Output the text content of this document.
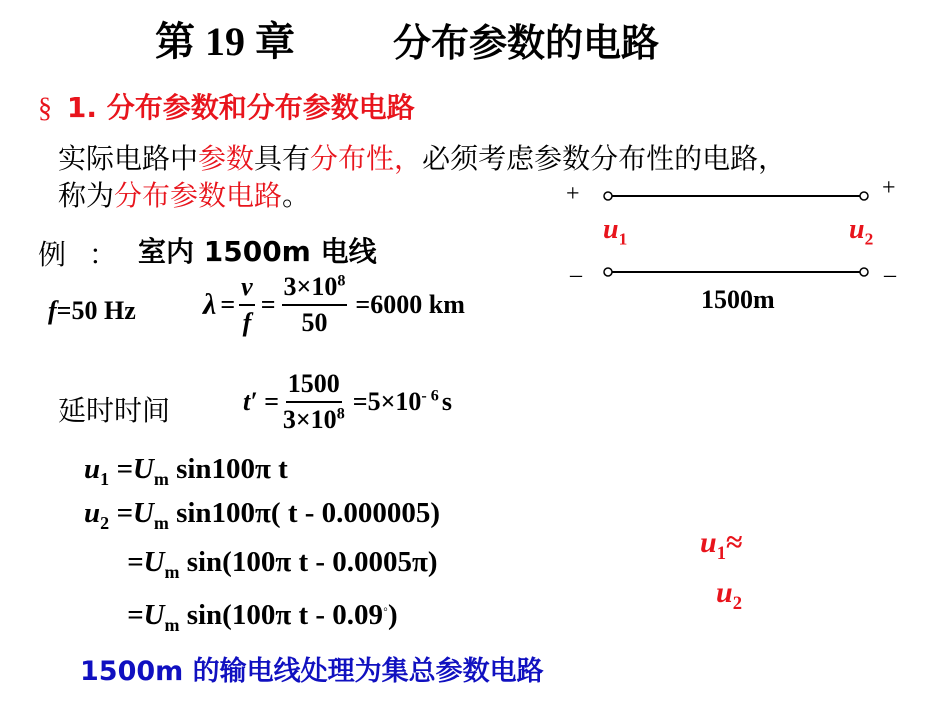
第 19 章	分布参数的电路
§ 1. 分布参数和分布参数电路
实际电路中参数具有分布性，必须考虑参数分布性的电路，
称为分布参数电路。
例 ： 室内 1500m 电线
f=50 Hz $\lambda = \frac{v}{f} = \frac{3\times 10^8}{50} =6000$ km
延时时间	$t' = \frac{1500}{3\times 10^8} =5\times 10^{- 6}$ s
$u_1 =U_m$ sin100π t
$u_2 =U_m$ sin100π( t - 0.000005)
$=U_m$ sin(100π t - 0.0005π)
$=U_m$ sin(100π t - 0.09◦)
$u_1\approx$
$u_2$
1500m 的输电线处理为集总参数电路
+	+
$u_1$	$u_2$
–	–
1500m
